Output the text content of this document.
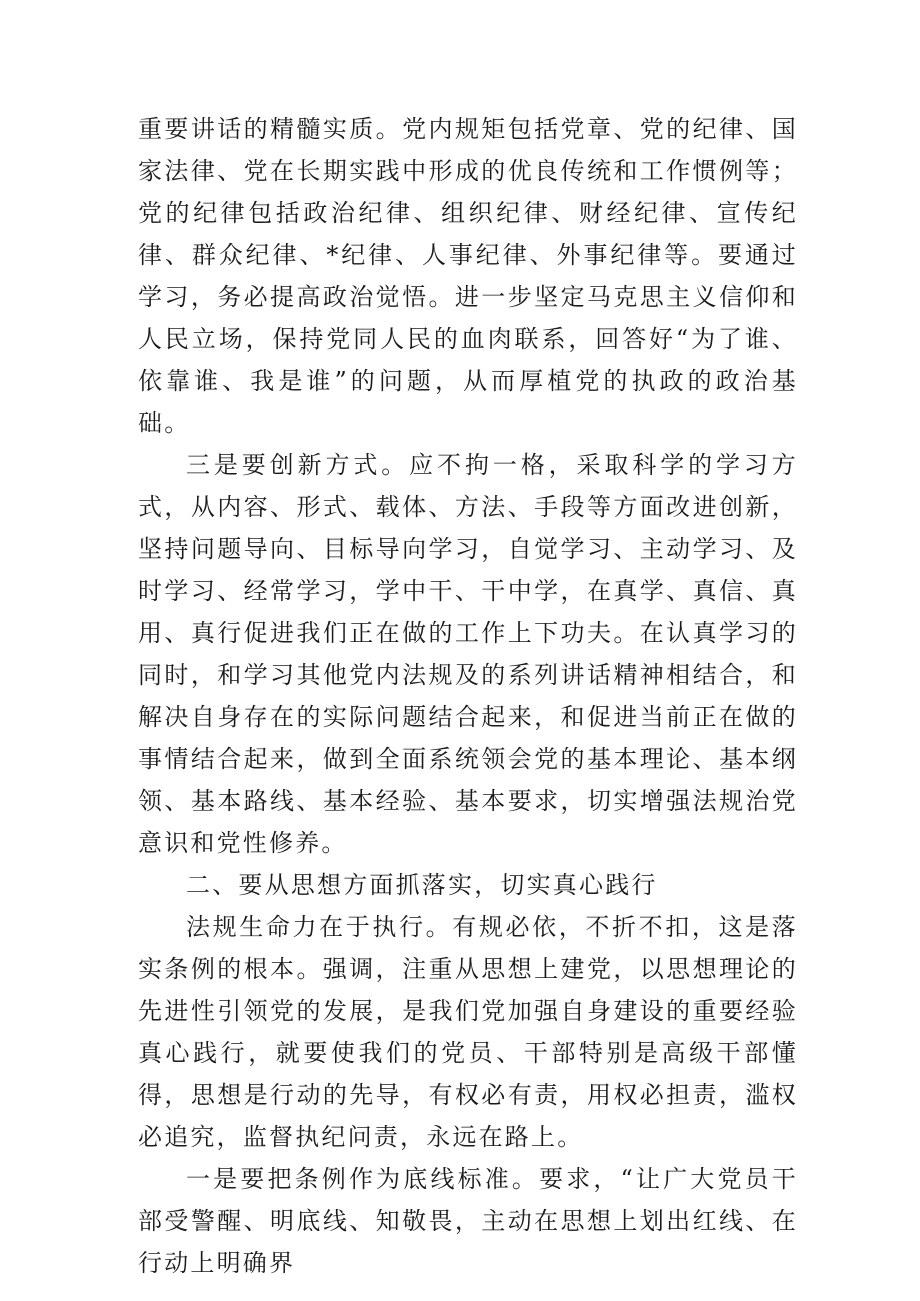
重要讲话的精髓实质。党内规矩包括党章、党的纪律、国家法律、党在长期实践中形成的优良传统和工作惯例等；党的纪律包括政治纪律、组织纪律、财经纪律、宣传纪律、群众纪律、*纪律、人事纪律、外事纪律等。要通过学习，务必提高政治觉悟。进一步坚定马克思主义信仰和人民立场，保持党同人民的血肉联系，回答好“为了谁、依靠谁、我是谁”的问题，从而厚植党的执政的政治基础。

三是要创新方式。应不拘一格，采取科学的学习方式，从内容、形式、载体、方法、手段等方面改进创新，坚持问题导向、目标导向学习，自觉学习、主动学习、及时学习、经常学习，学中干、干中学，在真学、真信、真用、真行促进我们正在做的工作上下功夫。在认真学习的同时，和学习其他党内法规及的系列讲话精神相结合，和解决自身存在的实际问题结合起来，和促进当前正在做的事情结合起来，做到全面系统领会党的基本理论、基本纲领、基本路线、基本经验、基本要求，切实增强法规治党意识和党性修养。

二、要从思想方面抓落实，切实真心践行

法规生命力在于执行。有规必依，不折不扣，这是落实条例的根本。强调，注重从思想上建党，以思想理论的先进性引领党的发展，是我们党加强自身建设的重要经验真心践行，就要使我们的党员、干部特别是高级干部懂得，思想是行动的先导，有权必有责，用权必担责，滥权必追究，监督执纪问责，永远在路上。

一是要把条例作为底线标准。要求，“让广大党员干部受警醒、明底线、知敬畏，主动在思想上划出红线、在行动上明确界
